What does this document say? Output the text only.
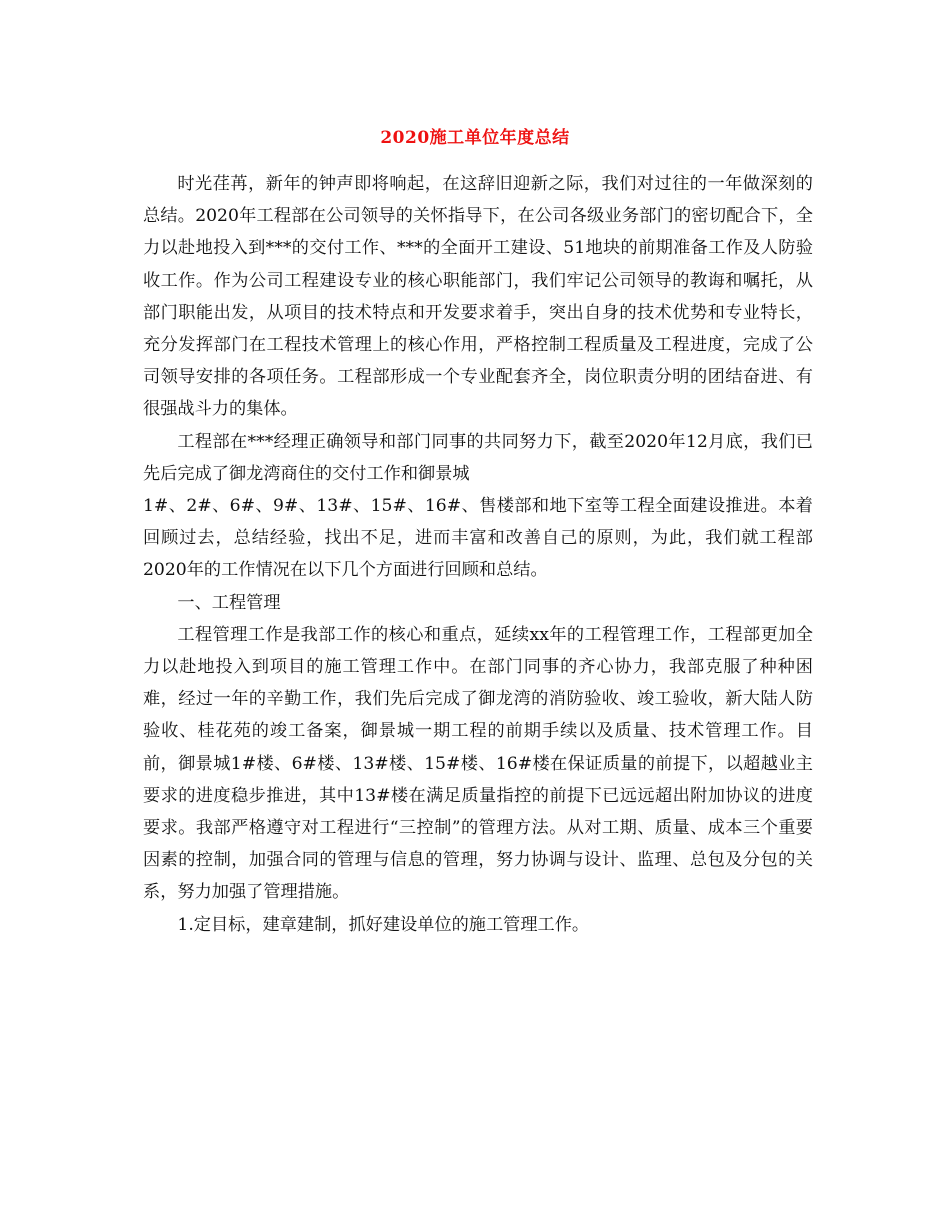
2020施工单位年度总结

时光荏苒，新年的钟声即将响起，在这辞旧迎新之际，我们对过往的一年做深刻的总结。2020年工程部在公司领导的关怀指导下，在公司各级业务部门的密切配合下，全力以赴地投入到***的交付工作、***的全面开工建设、51地块的前期准备工作及人防验收工作。作为公司工程建设专业的核心职能部门，我们牢记公司领导的教诲和嘱托，从部门职能出发，从项目的技术特点和开发要求着手，突出自身的技术优势和专业特长，充分发挥部门在工程技术管理上的核心作用，严格控制工程质量及工程进度，完成了公司领导安排的各项任务。工程部形成一个专业配套齐全，岗位职责分明的团结奋进、有很强战斗力的集体。

工程部在***经理正确领导和部门同事的共同努力下，截至2020年12月底，我们已先后完成了御龙湾商住的交付工作和御景城

1#、2#、6#、9#、13#、15#、16#、售楼部和地下室等工程全面建设推进。本着回顾过去，总结经验，找出不足，进而丰富和改善自己的原则，为此，我们就工程部2020年的工作情况在以下几个方面进行回顾和总结。

一、工程管理

工程管理工作是我部工作的核心和重点，延续xx年的工程管理工作，工程部更加全力以赴地投入到项目的施工管理工作中。在部门同事的齐心协力，我部克服了种种困难，经过一年的辛勤工作，我们先后完成了御龙湾的消防验收、竣工验收，新大陆人防验收、桂花苑的竣工备案，御景城一期工程的前期手续以及质量、技术管理工作。目前，御景城1#楼、6#楼、13#楼、15#楼、16#楼在保证质量的前提下，以超越业主要求的进度稳步推进，其中13#楼在满足质量指控的前提下已远远超出附加协议的进度要求。我部严格遵守对工程进行“三控制”的管理方法。从对工期、质量、成本三个重要因素的控制，加强合同的管理与信息的管理，努力协调与设计、监理、总包及分包的关系，努力加强了管理措施。

1.定目标，建章建制，抓好建设单位的施工管理工作。
